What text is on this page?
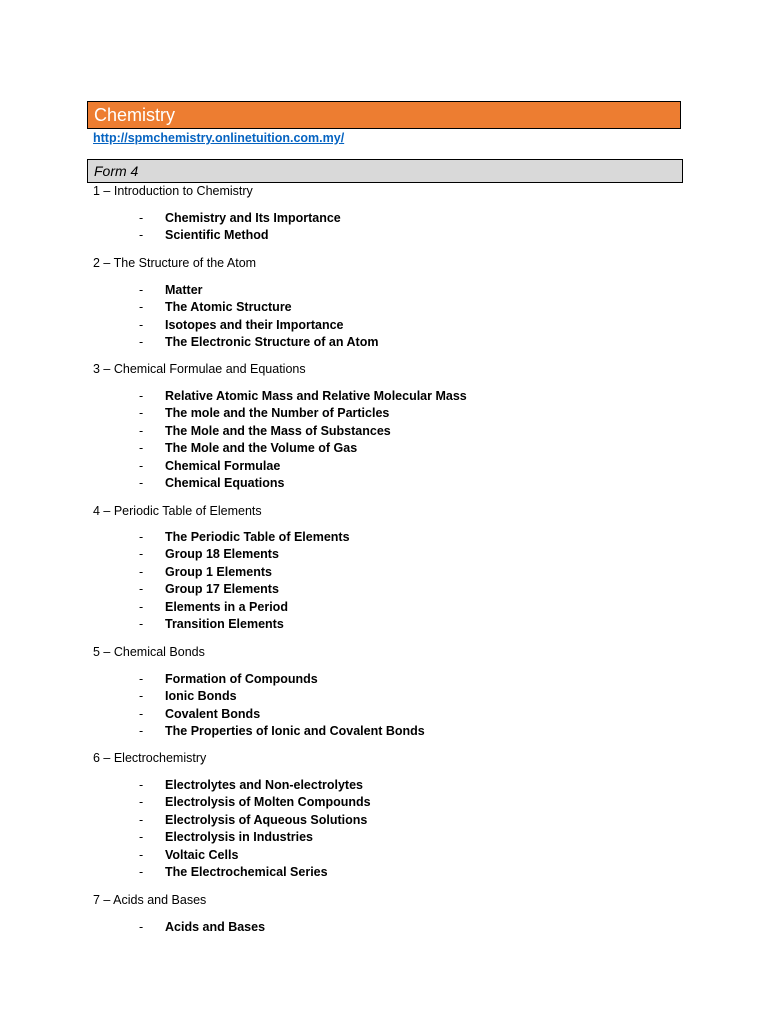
Chemistry
http://spmchemistry.onlinetuition.com.my/
Form 4
1 – Introduction to Chemistry
- Chemistry and Its Importance
- Scientific Method
2 – The Structure of the Atom
- Matter
- The Atomic Structure
- Isotopes and their Importance
- The Electronic Structure of an Atom
3 – Chemical Formulae and Equations
- Relative Atomic Mass and Relative Molecular Mass
- The mole and the Number of Particles
- The Mole and the Mass of Substances
- The Mole and the Volume of Gas
- Chemical Formulae
- Chemical Equations
4 – Periodic Table of Elements
- The Periodic Table of Elements
- Group 18 Elements
- Group 1 Elements
- Group 17 Elements
- Elements in a Period
- Transition Elements
5 – Chemical Bonds
- Formation of Compounds
- Ionic Bonds
- Covalent Bonds
- The Properties of Ionic and Covalent Bonds
6 – Electrochemistry
- Electrolytes and Non-electrolytes
- Electrolysis of Molten Compounds
- Electrolysis of Aqueous Solutions
- Electrolysis in Industries
- Voltaic Cells
- The Electrochemical Series
7 – Acids and Bases
- Acids and Bases
